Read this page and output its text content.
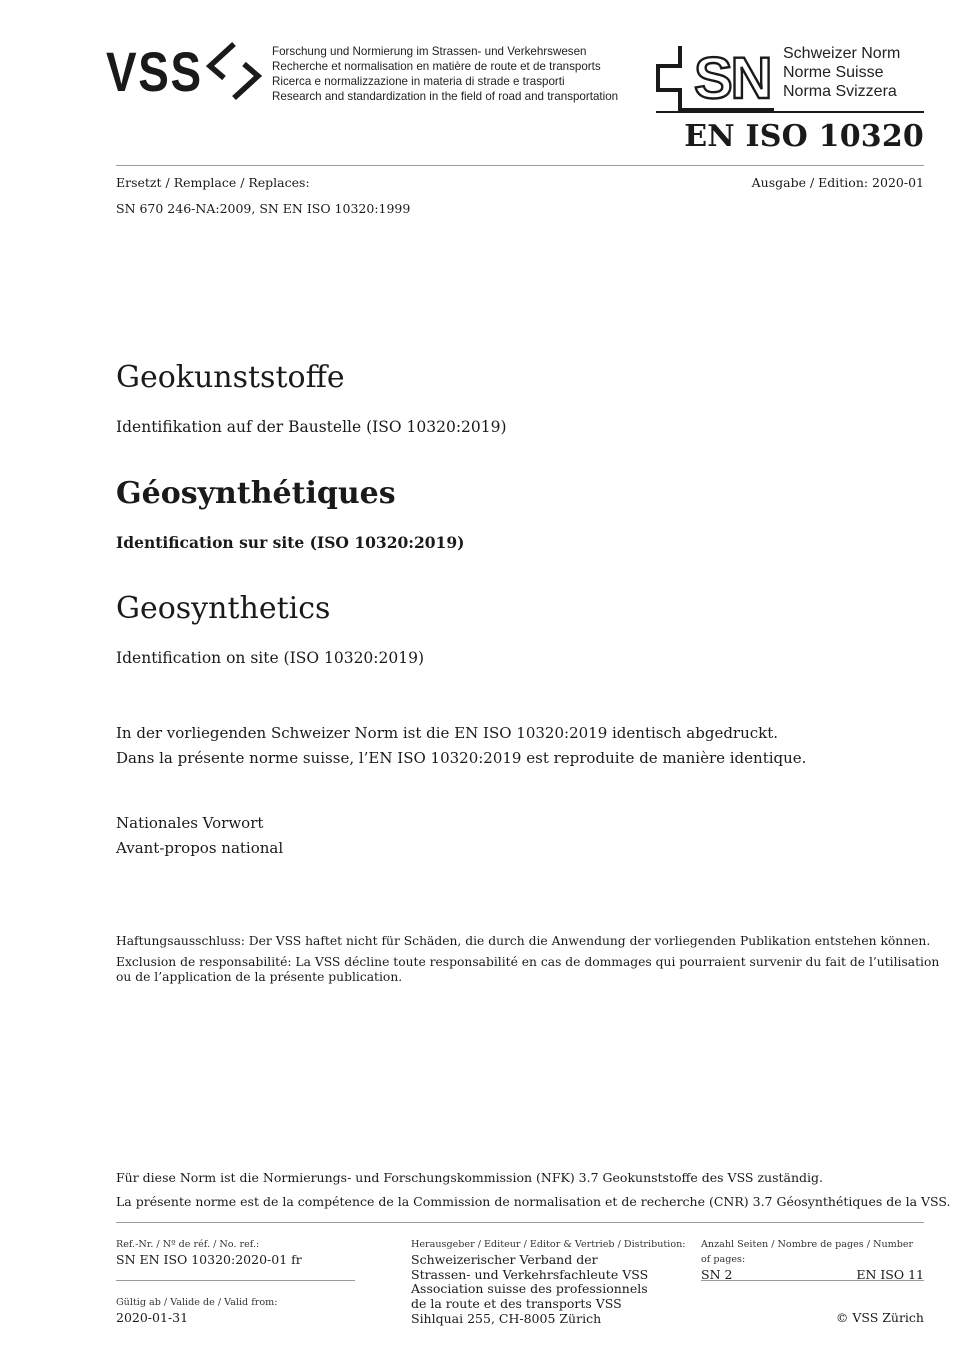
VSS	Forschung und Normierung im Strassen- und Verkehrswesen
Recherche et normalisation en matière de route et de transports
Ricerca e normalizzazione in materia di strade e trasporti
Research and standardization in the field of road and transportation SN Schweizer Norm
Norme Suisse
Norma Svizzera
EN ISO 10320
Ersetzt / Remplace / Replaces:	Ausgabe / Edition: 2020-01
SN 670 246-NA:2009, SN EN ISO 10320:1999
Geokunststoffe
Identifikation auf der Baustelle (ISO 10320:2019)
Géosynthétiques
Identification sur site (ISO 10320:2019)
Geosynthetics
Identification on site (ISO 10320:2019)
In der vorliegenden Schweizer Norm ist die EN ISO 10320:2019 identisch abgedruckt.
Dans la présente norme suisse, l’EN ISO 10320:2019 est reproduite de manière identique.
Nationales Vorwort
Avant-propos national
Haftungsausschluss: Der VSS haftet nicht für Schäden, die durch die Anwendung der vorliegenden Publikation entstehen können.
Exclusion de responsabilité: La VSS décline toute responsabilité en cas de dommages qui pourraient survenir du fait de l’utilisation
ou de l’application de la présente publication.
Für diese Norm ist die Normierungs- und Forschungskommission (NFK) 3.7 Geokunststoffe des VSS zuständig.
La présente norme est de la compétence de la Commission de normalisation et de recherche (CNR) 3.7 Géosynthétiques de la VSS.
Ref.-Nr. / Nº de réf. / No. ref.:
SN EN ISO 10320:2020-01 fr
Gültig ab / Valide de / Valid from:
2020-01-31
Herausgeber / Editeur / Editor & Vertrieb / Distribution:
Schweizerischer Verband der
Strassen- und Verkehrsfachleute VSS
Association suisse des professionnels
de la route et des transports VSS
Sihlquai 255, CH-8005 Zürich
Anzahl Seiten / Nombre de pages / Number of pages:
SN 2	EN ISO 11
© VSS Zürich
